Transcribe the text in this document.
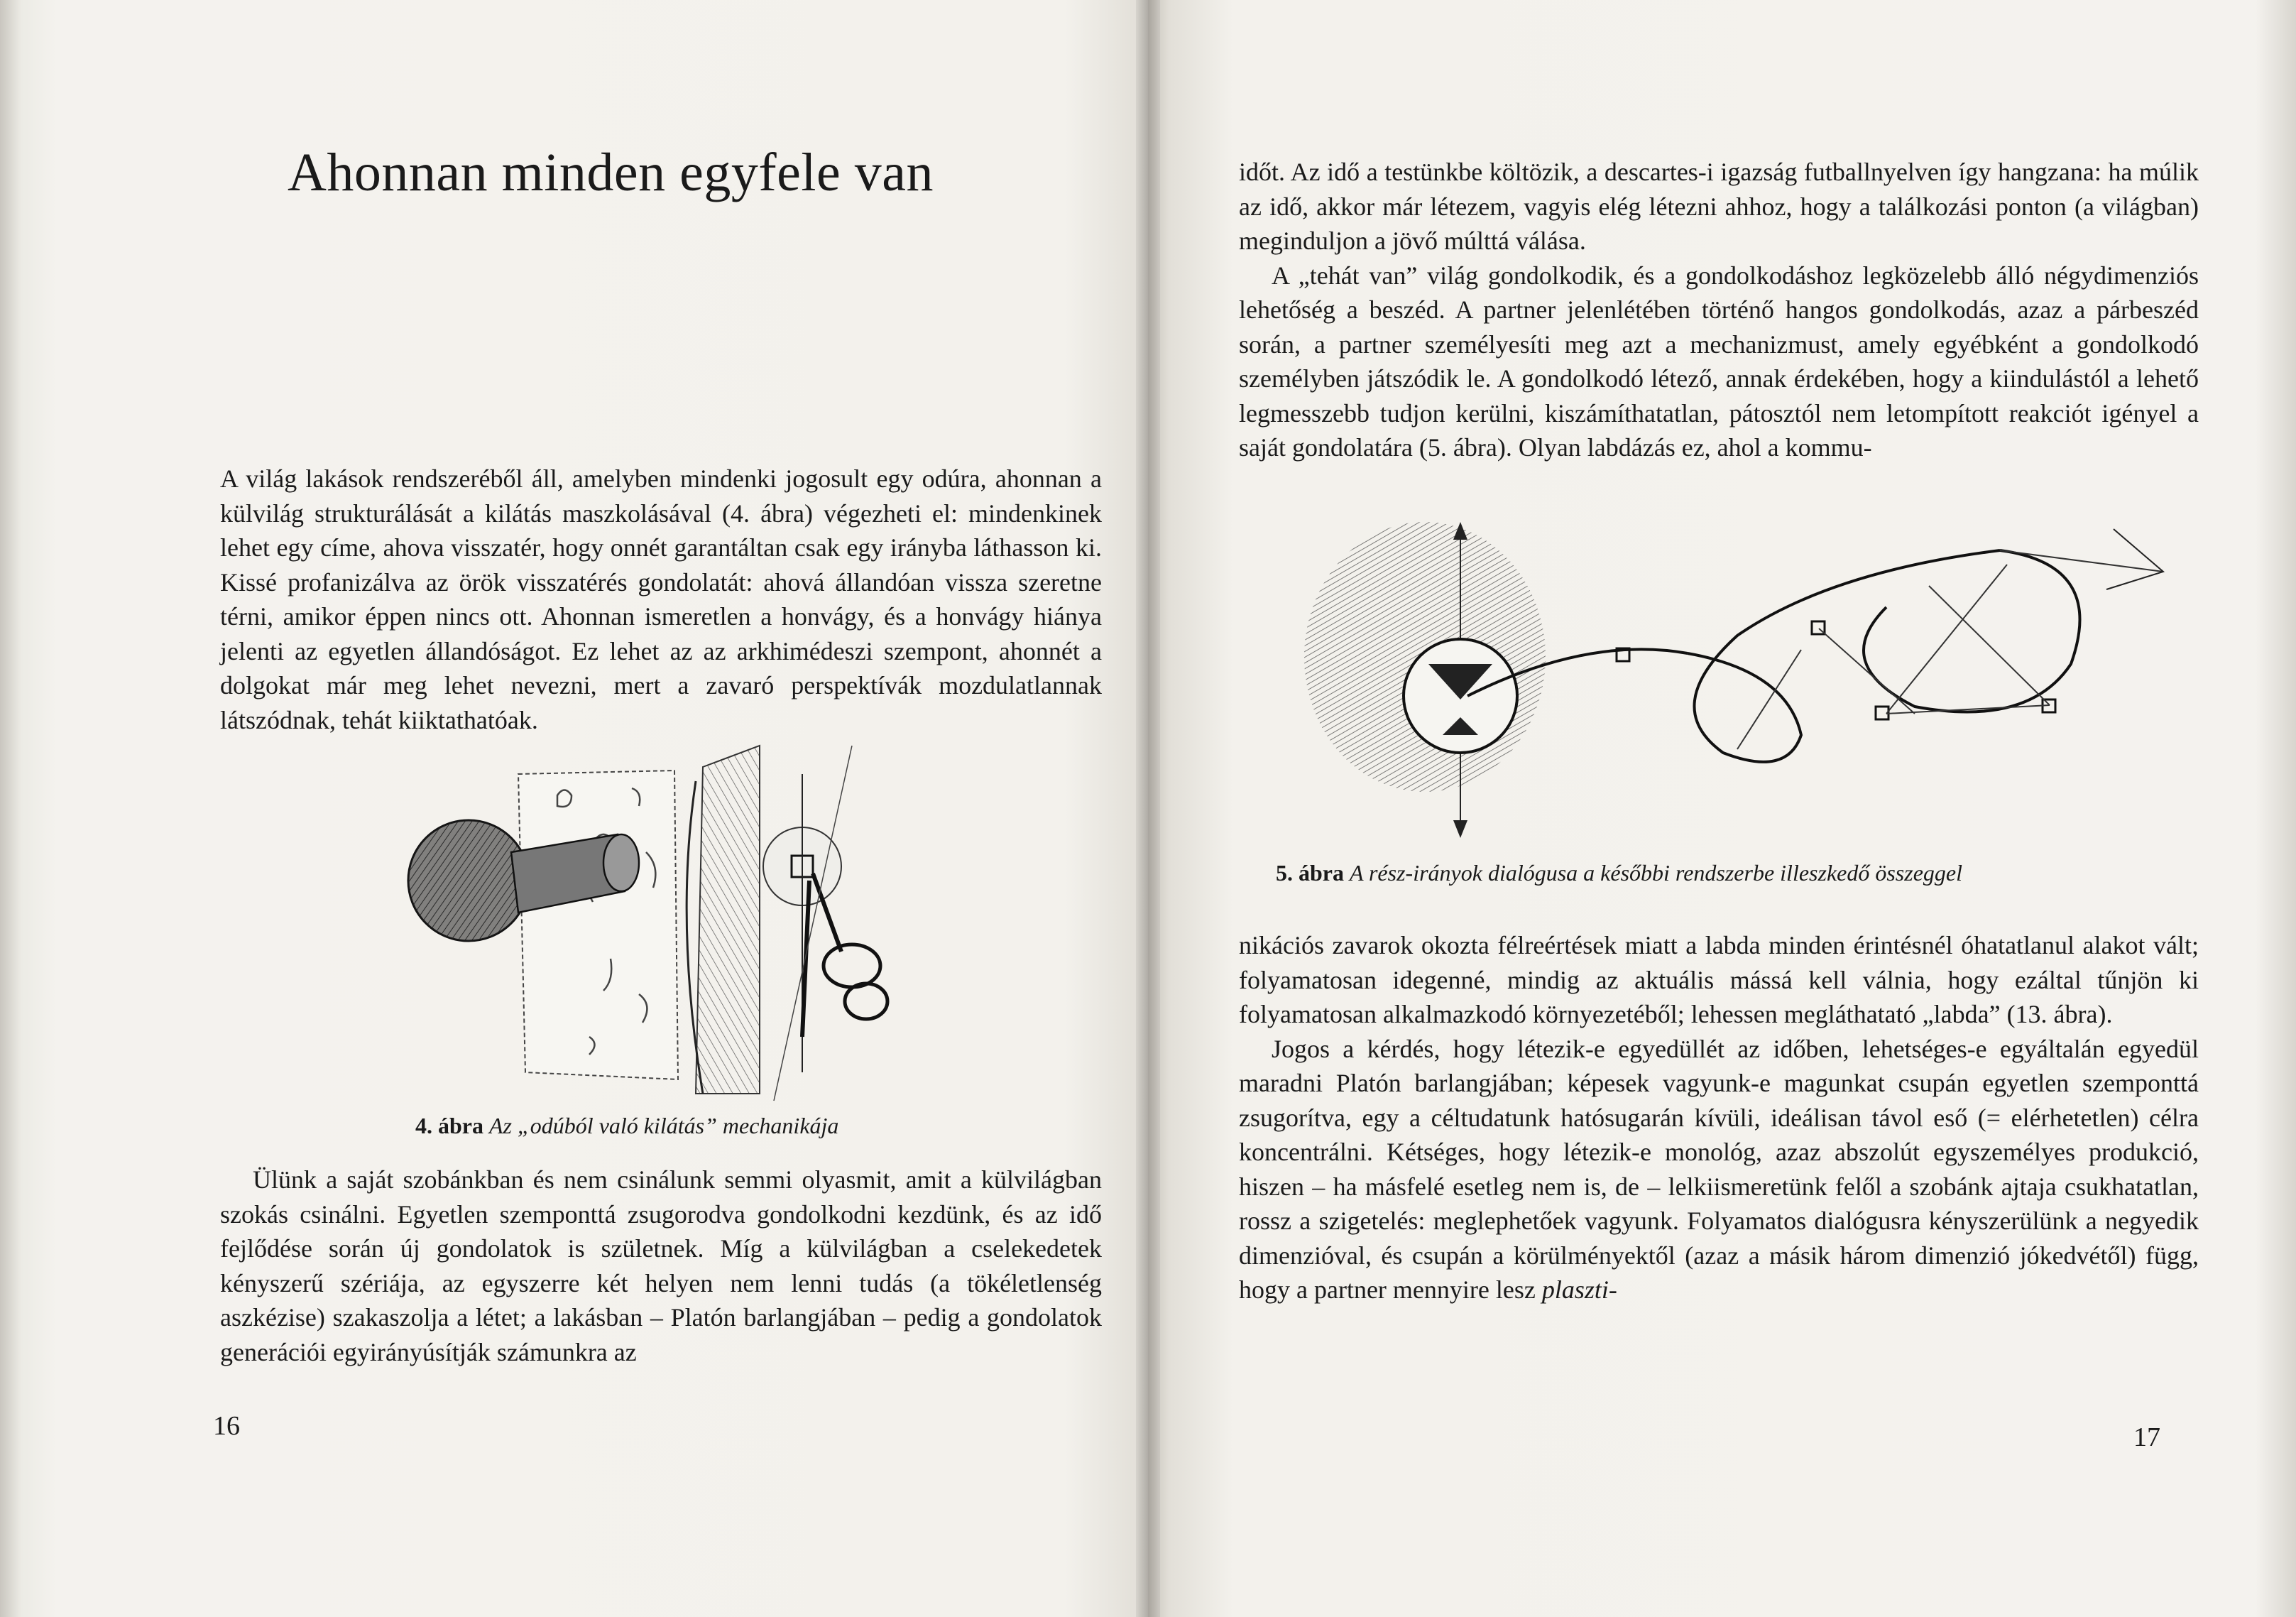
Ahonnan minden egyfele van

A világ lakások rendszeréből áll, amelyben mindenki jogosult egy odúra, ahonnan a külvilág strukturálását a kilátás maszkolásával (4. ábra) végezheti el: mindenkinek lehet egy címe, ahova visszatér, hogy onnét garantáltan csak egy irányba láthasson ki. Kissé profanizálva az örök visszatérés gondolatát: ahová állandóan vissza szeretne térni, amikor éppen nincs ott. Ahonnan ismeretlen a honvágy, és a honvágy hiánya jelenti az egyetlen állandóságot. Ez lehet az az arkhimédeszi szempont, ahonnét a dolgokat már meg lehet nevezni, mert a zavaró perspektívák mozdulatlannak látszódnak, tehát kiiktathatóak.

4. ábra Az „odúból való kilátás” mechanikája

Ülünk a saját szobánkban és nem csinálunk semmi olyasmit, amit a külvilágban szokás csinálni. Egyetlen szemponttá zsugorodva gondolkodni kezdünk, és az idő fejlődése során új gondolatok is születnek. Míg a külvilágban a cselekedetek kényszerű szériája, az egyszerre két helyen nem lenni tudás (a tökéletlenség aszkézise) szakaszolja a létet; a lakásban – Platón barlangjában – pedig a gondolatok generációi egyirányúsítják számunkra az

16

időt. Az idő a testünkbe költözik, a descartes-i igazság futballnyelven így hangzana: ha múlik az idő, akkor már létezem, vagyis elég létezni ahhoz, hogy a találkozási ponton (a világban) meginduljon a jövő múlttá válása.

A „tehát van” világ gondolkodik, és a gondolkodáshoz legközelebb álló négydimenziós lehetőség a beszéd. A partner jelenlétében történő hangos gondolkodás, azaz a párbeszéd során, a partner személyesíti meg azt a mechanizmust, amely egyébként a gondolkodó személyben játszódik le. A gondolkodó létező, annak érdekében, hogy a kiindulástól a lehető legmesszebb tudjon kerülni, kiszámíthatatlan, pátosztól nem letompított reakciót igényel a saját gondolatára (5. ábra). Olyan labdázás ez, ahol a kommu-

5. ábra A rész-irányok dialógusa a későbbi rendszerbe illeszkedő összeggel

nikációs zavarok okozta félreértések miatt a labda minden érintésnél óhatatlanul alakot vált; folyamatosan idegenné, mindig az aktuális mássá kell válnia, hogy ezáltal tűnjön ki folyamatosan alkalmazkodó környezetéből; lehessen megláthatató „labda” (13. ábra).

Jogos a kérdés, hogy létezik-e egyedüllét az időben, lehetséges-e egyáltalán egyedül maradni Platón barlangjában; képesek vagyunk-e magunkat csupán egyetlen szemponttá zsugorítva, egy a céltudatunk hatósugarán kívüli, ideálisan távol eső (= elérhetetlen) célra koncentrálni. Kétséges, hogy létezik-e monológ, azaz abszolút egyszemélyes produkció, hiszen – ha másfelé esetleg nem is, de – lelkiismeretünk felől a szobánk ajtaja csukhatatlan, rossz a szigetelés: meglephetőek vagyunk. Folyamatos dialógusra kényszerülünk a negyedik dimenzióval, és csupán a körülményektől (azaz a másik három dimenzió jókedvétől) függ, hogy a partner mennyire lesz plaszti-

17
